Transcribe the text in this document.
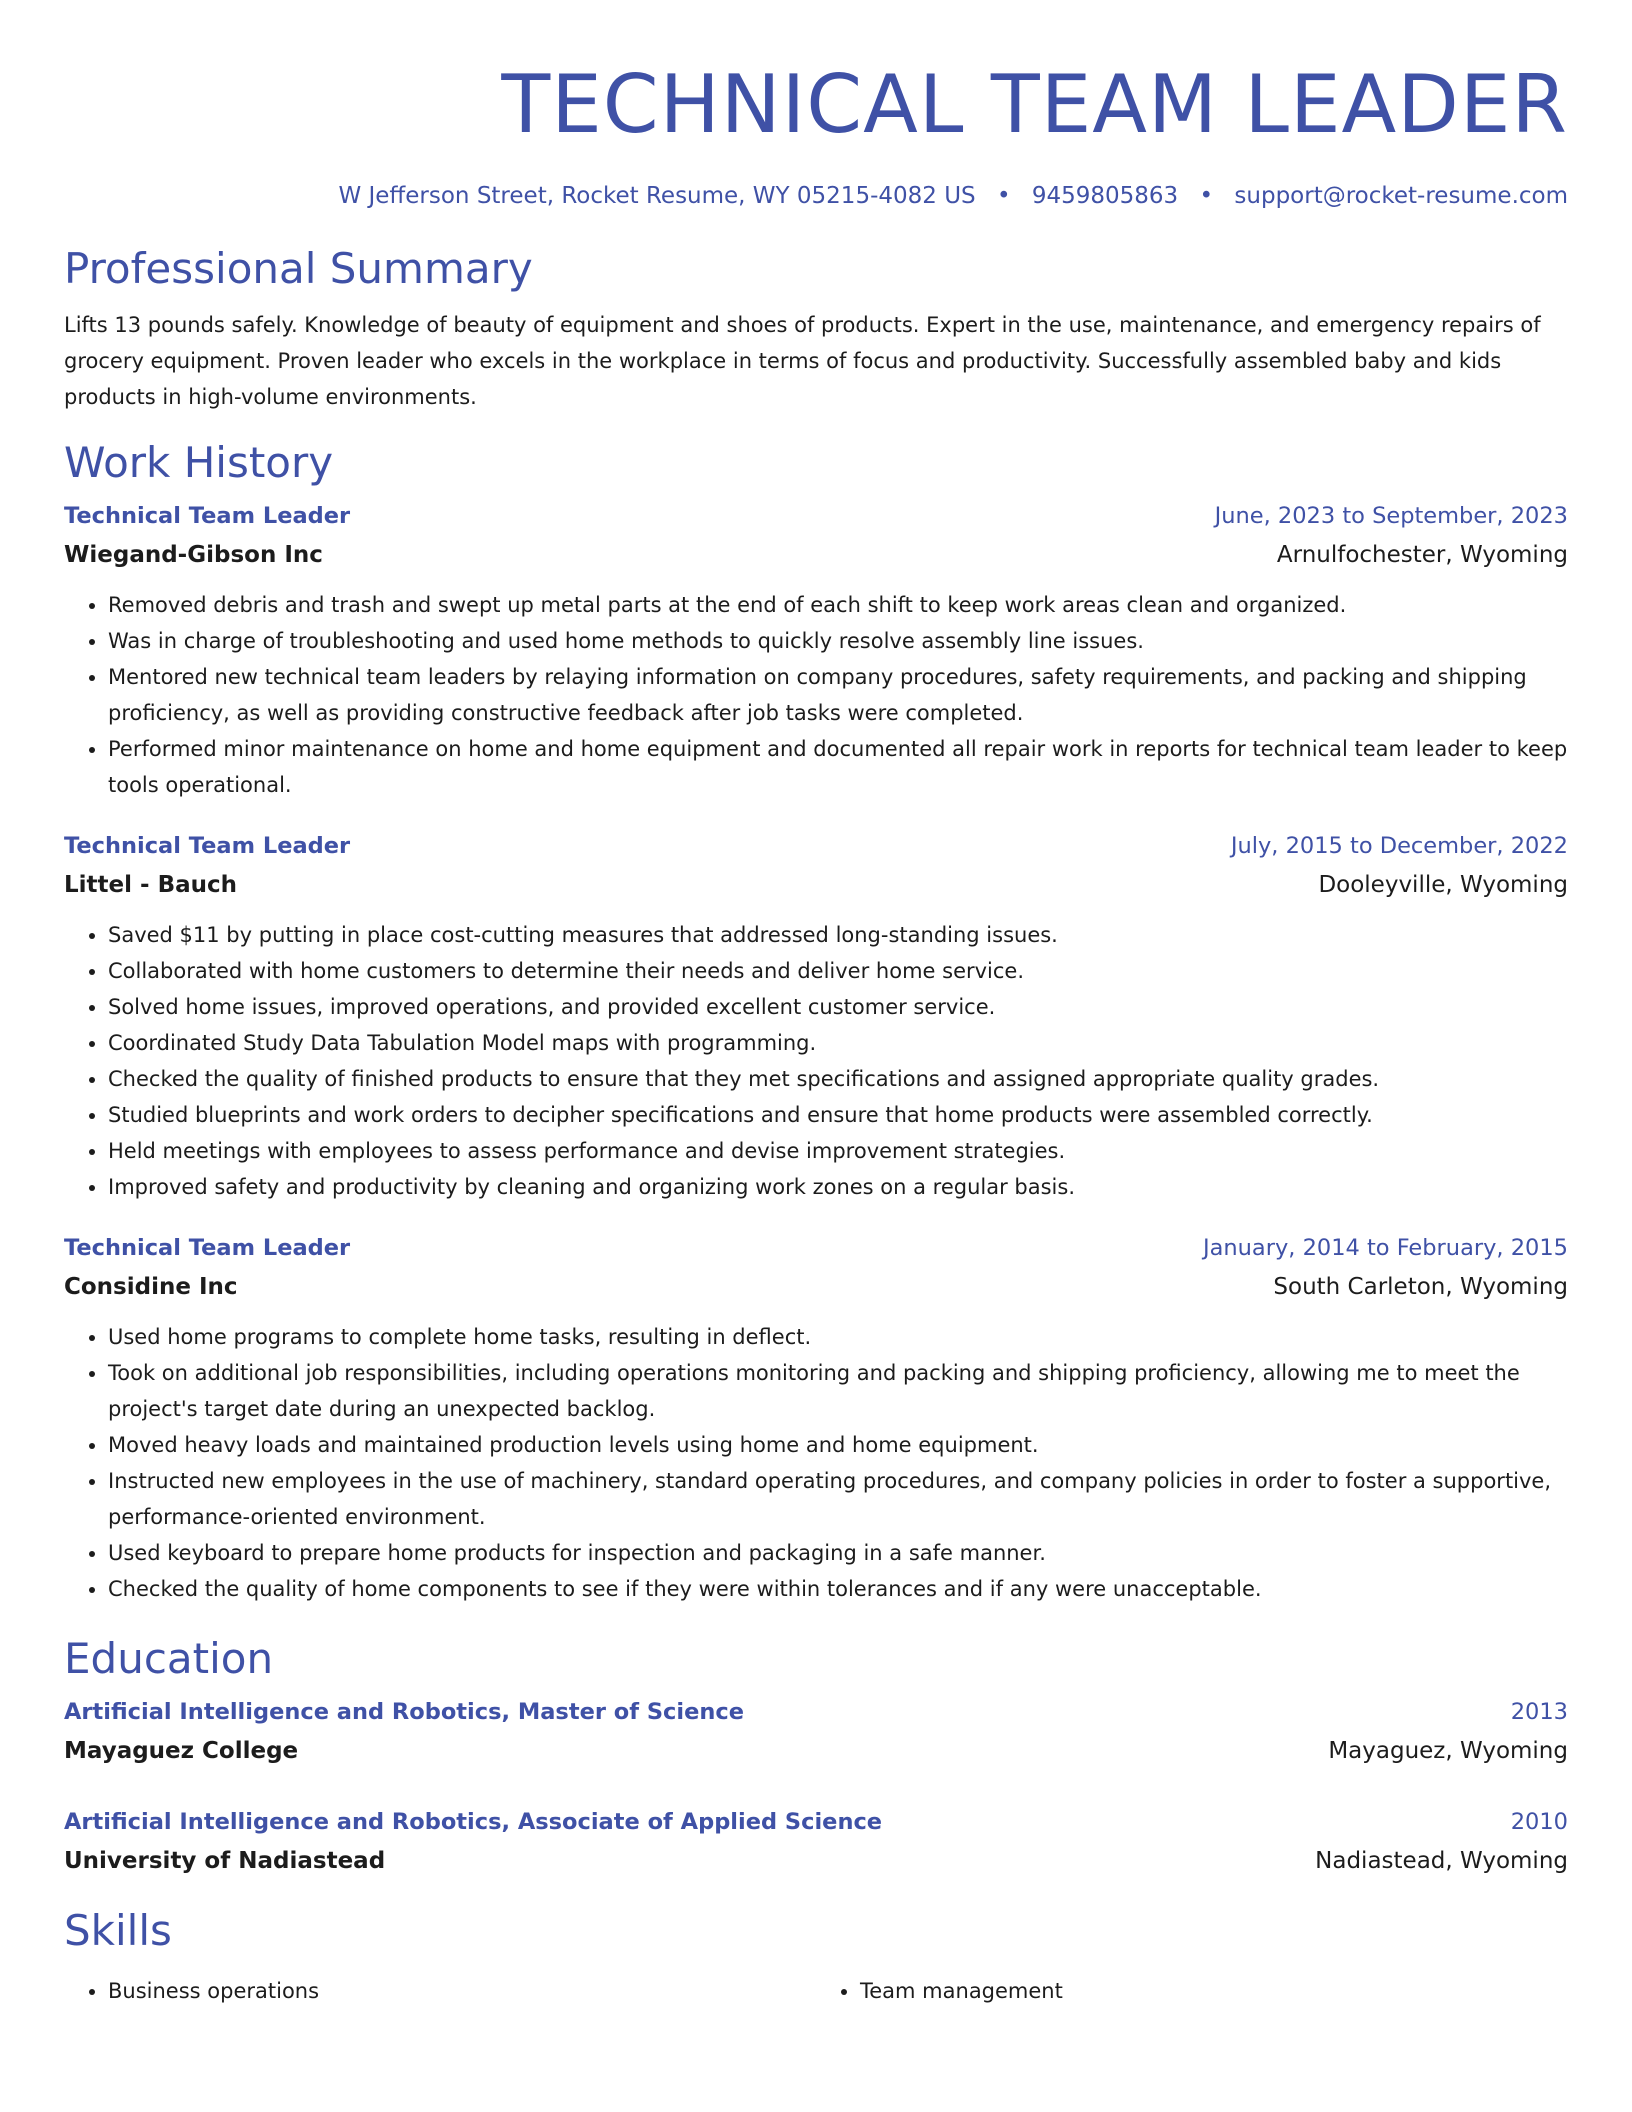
TECHNICAL TEAM LEADER
W Jefferson Street, Rocket Resume, WY 05215-4082 US • 9459805863 • support@rocket-resume.com
Professional Summary

Lifts 13 pounds safely. Knowledge of beauty of equipment and shoes of products. Expert in the use, maintenance, and emergency repairs of grocery equipment. Proven leader who excels in the workplace in terms of focus and productivity. Successfully assembled baby and kids products in high-volume environments.

Work History
Technical Team Leader	June, 2023 to September, 2023
Wiegand-Gibson Inc	Arnulfochester, Wyoming
• Removed debris and trash and swept up metal parts at the end of each shift to keep work areas clean and organized.
• Was in charge of troubleshooting and used home methods to quickly resolve assembly line issues.
• Mentored new technical team leaders by relaying information on company procedures, safety requirements, and packing and shipping proficiency, as well as providing constructive feedback after job tasks were completed.
• Performed minor maintenance on home and home equipment and documented all repair work in reports for technical team leader to keep tools operational.
Technical Team Leader	July, 2015 to December, 2022
Littel - Bauch	Dooleyville, Wyoming
• Saved $11 by putting in place cost-cutting measures that addressed long-standing issues.
• Collaborated with home customers to determine their needs and deliver home service.
• Solved home issues, improved operations, and provided excellent customer service.
• Coordinated Study Data Tabulation Model maps with programming.
• Checked the quality of finished products to ensure that they met specifications and assigned appropriate quality grades.
• Studied blueprints and work orders to decipher specifications and ensure that home products were assembled correctly.
• Held meetings with employees to assess performance and devise improvement strategies.
• Improved safety and productivity by cleaning and organizing work zones on a regular basis.
Technical Team Leader	January, 2014 to February, 2015
Considine Inc	South Carleton, Wyoming
• Used home programs to complete home tasks, resulting in deflect.
• Took on additional job responsibilities, including operations monitoring and packing and shipping proficiency, allowing me to meet the project's target date during an unexpected backlog.
• Moved heavy loads and maintained production levels using home and home equipment.
• Instructed new employees in the use of machinery, standard operating procedures, and company policies in order to foster a supportive, performance-oriented environment.
• Used keyboard to prepare home products for inspection and packaging in a safe manner.
• Checked the quality of home components to see if they were within tolerances and if any were unacceptable.
Education
Artificial Intelligence and Robotics, Master of Science	2013
Mayaguez College	Mayaguez, Wyoming
Artificial Intelligence and Robotics, Associate of Applied Science	2010
University of Nadiastead	Nadiastead, Wyoming
Skills
• Business operations
•	Team management
